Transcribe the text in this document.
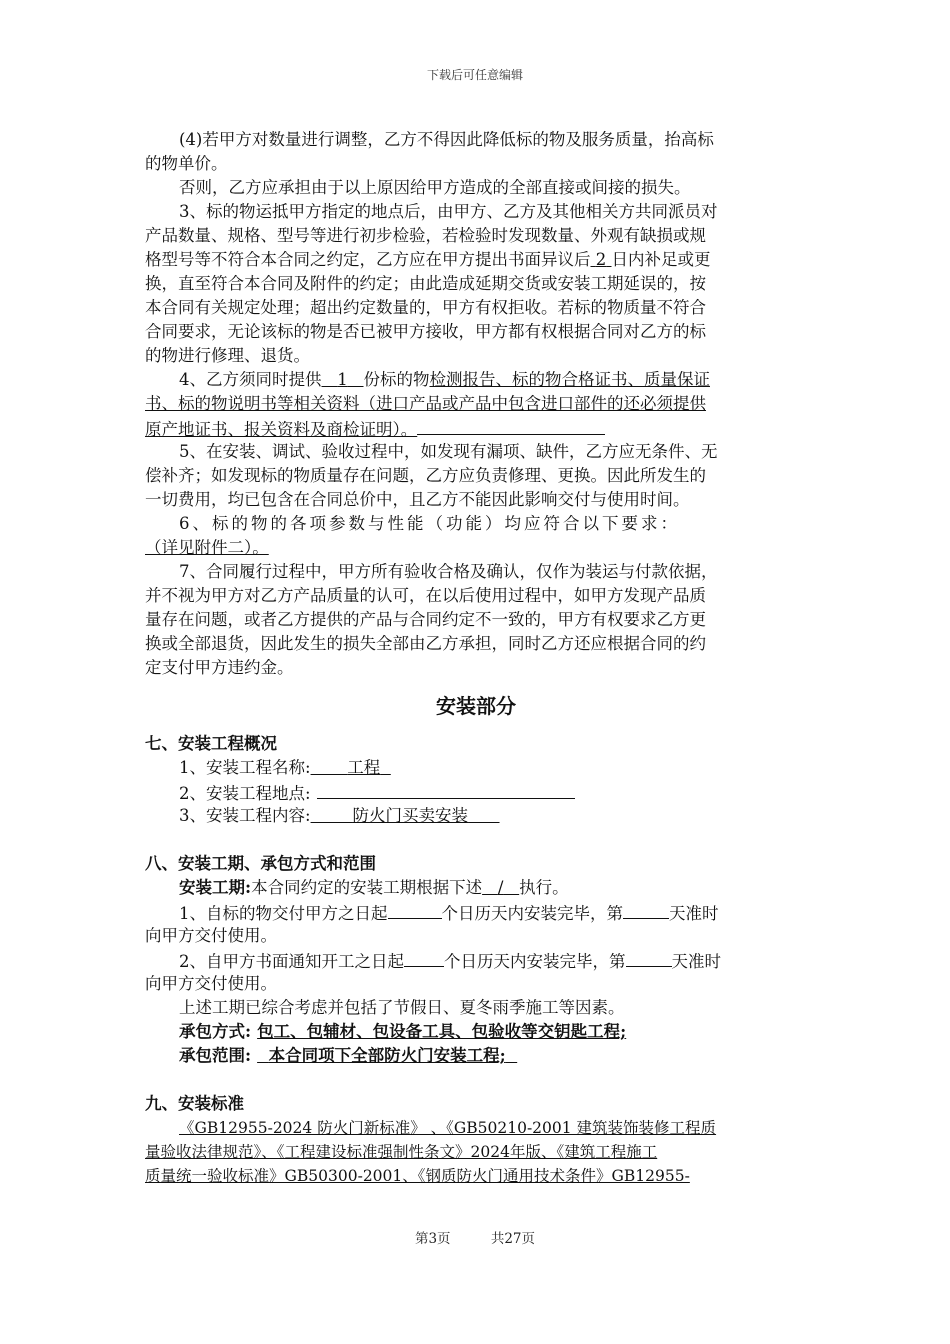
下载后可任意编辑
(4)若甲方对数量进行调整，乙方不得因此降低标的物及服务质量，抬高标
的物单价。
否则，乙方应承担由于以上原因给甲方造成的全部直接或间接的损失。
3、标的物运抵甲方指定的地点后，由甲方、乙方及其他相关方共同派员对
产品数量、规格、型号等进行初步检验，若检验时发现数量、外观有缺损或规
格型号等不符合本合同之约定，乙方应在甲方提出书面异议后 2 日内补足或更
换，直至符合本合同及附件的约定；由此造成延期交货或安装工期延误的，按
本合同有关规定处理；超出约定数量的，甲方有权拒收。若标的物质量不符合
合同要求，无论该标的物是否已被甲方接收，甲方都有权根据合同对乙方的标
的物进行修理、退货。
4、乙方须同时提供 1 份标的物检测报告、标的物合格证书、质量保证
书、标的物说明书等相关资料（进口产品或产品中包含进口部件的还必须提供
原产地证书、报关资料及商检证明）。
5、在安装、调试、验收过程中，如发现有漏项、缺件，乙方应无条件、无
偿补齐；如发现标的物质量存在问题，乙方应负责修理、更换。因此所发生的
一切费用，均已包含在合同总价中，且乙方不能因此影响交付与使用时间。
6、标的物的各项参数与性能（功能）均应符合以下要求：
（详见附件二）。
7、合同履行过程中，甲方所有验收合格及确认，仅作为装运与付款依据，
并不视为甲方对乙方产品质量的认可，在以后使用过程中，如甲方发现产品质
量存在问题，或者乙方提供的产品与合同约定不一致的，甲方有权要求乙方更
换或全部退货，因此发生的损失全部由乙方承担，同时乙方还应根据合同的约
定支付甲方违约金。
安装部分
七、安装工程概况
1、安装工程名称: 工程
2、安装工程地点:
3、安装工程内容:	防火门买卖安装
八、安装工期、承包方式和范围
安装工期:本合同约定的安装工期根据下述 / 执行。
1、自标的物交付甲方之日起	个日历天内安装完毕，第	天准时
向甲方交付使用。
2、自甲方书面通知开工之日起 个日历天内安装完毕，第	天准时
向甲方交付使用。
上述工期已综合考虑并包括了节假日、夏冬雨季施工等因素。
承包方式: 包工、包辅材、包设备工具、包验收等交钥匙工程;
承包范围: 本合同项下全部防火门安装工程;
九、安装标准
《GB12955-2024 防火门新标准》 、《GB50210-2001 建筑装饰装修工程质
量验收法律规范》、《工程建设标准强制性条文》2024年版、《建筑工程施工
质量统一验收标准》GB50300-2001、《钢质防火门通用技术条件》GB12955-
第3页	共27页
